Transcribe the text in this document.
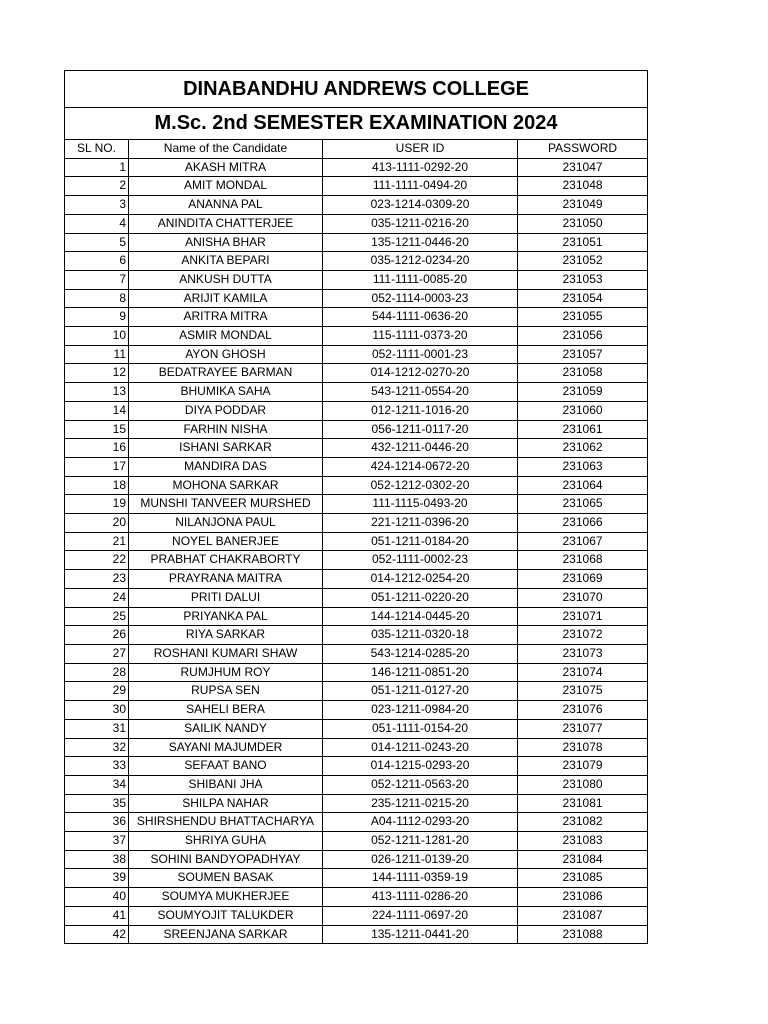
DINABANDHU ANDREWS COLLEGE			
M.Sc. 2nd SEMESTER EXAMINATION 2024			
SL NO.	Name of the Candidate	USER ID	PASSWORD
1	AKASH MITRA	413-1111-0292-20	231047
2	AMIT MONDAL	111-1111-0494-20	231048
3	ANANNA PAL	023-1214-0309-20	231049
4	ANINDITA CHATTERJEE	035-1211-0216-20	231050
5	ANISHA BHAR	135-1211-0446-20	231051
6	ANKITA BEPARI	035-1212-0234-20	231052
7	ANKUSH DUTTA	111-1111-0085-20	231053
8	ARIJIT KAMILA	052-1114-0003-23	231054
9	ARITRA MITRA	544-1111-0636-20	231055
10	ASMIR MONDAL	115-1111-0373-20	231056
11	AYON GHOSH	052-1111-0001-23	231057
12	BEDATRAYEE BARMAN	014-1212-0270-20	231058
13	BHUMIKA SAHA	543-1211-0554-20	231059
14	DIYA PODDAR	012-1211-1016-20	231060
15	FARHIN NISHA	056-1211-0117-20	231061
16	ISHANI SARKAR	432-1211-0446-20	231062
17	MANDIRA DAS	424-1214-0672-20	231063
18	MOHONA SARKAR	052-1212-0302-20	231064
19	MUNSHI TANVEER MURSHED	111-1115-0493-20	231065
20	NILANJONA PAUL	221-1211-0396-20	231066
21	NOYEL BANERJEE	051-1211-0184-20	231067
22	PRABHAT CHAKRABORTY	052-1111-0002-23	231068
23	PRAYRANA MAITRA	014-1212-0254-20	231069
24	PRITI DALUI	051-1211-0220-20	231070
25	PRIYANKA PAL	144-1214-0445-20	231071
26	RIYA SARKAR	035-1211-0320-18	231072
27	ROSHANI KUMARI SHAW	543-1214-0285-20	231073
28	RUMJHUM ROY	146-1211-0851-20	231074
29	RUPSA SEN	051-1211-0127-20	231075
30	SAHELI BERA	023-1211-0984-20	231076
31	SAILIK NANDY	051-1111-0154-20	231077
32	SAYANI MAJUMDER	014-1211-0243-20	231078
33	SEFAAT BANO	014-1215-0293-20	231079
34	SHIBANI JHA	052-1211-0563-20	231080
35	SHILPA NAHAR	235-1211-0215-20	231081
36	SHIRSHENDU BHATTACHARYA	A04-1112-0293-20	231082
37	SHRIYA GUHA	052-1211-1281-20	231083
38	SOHINI BANDYOPADHYAY	026-1211-0139-20	231084
39	SOUMEN BASAK	144-1111-0359-19	231085
40	SOUMYA MUKHERJEE	413-1111-0286-20	231086
41	SOUMYOJIT TALUKDER	224-1111-0697-20	231087
42	SREENJANA SARKAR	135-1211-0441-20	231088
